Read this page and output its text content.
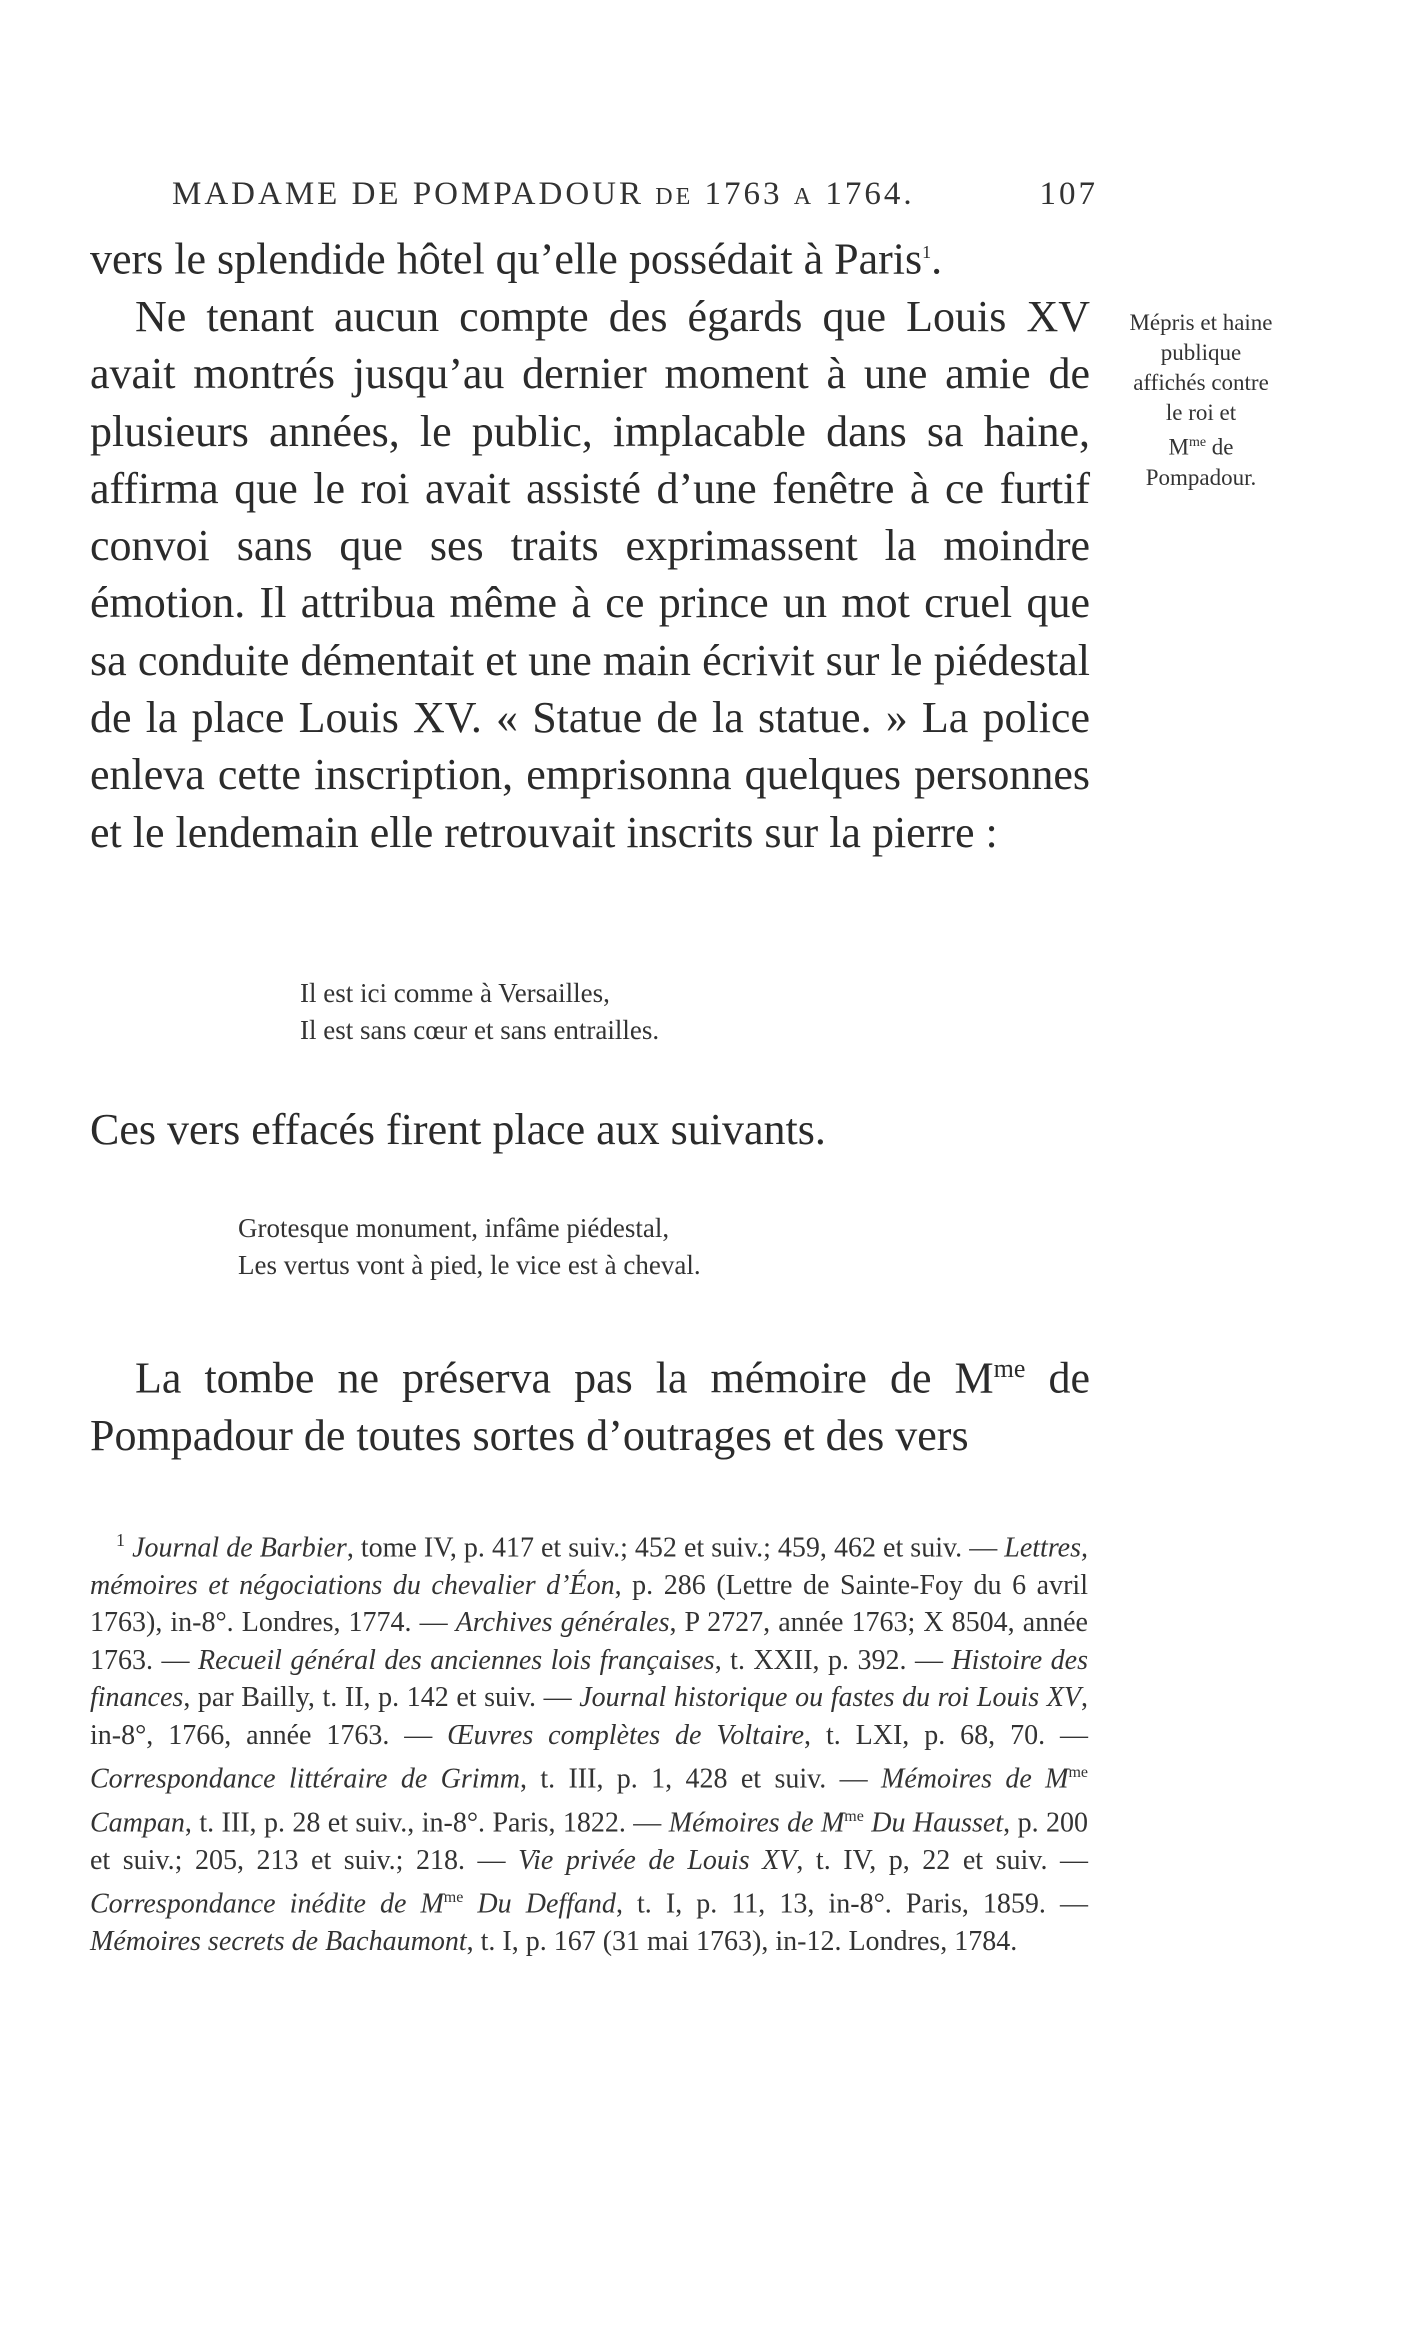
MADAME DE POMPADOUR DE 1763 A 1764.	107

vers le splendide hôtel qu’elle possédait à Paris$^1$.

Ne tenant aucun compte des égards que Louis XV avait montrés jusqu’au dernier moment à une amie de plusieurs années, le public, implacable dans sa haine, affirma que le roi avait assisté d’une fenêtre à ce furtif convoi sans que ses traits exprimassent la moindre émotion. Il attribua même à ce prince un mot cruel que sa conduite démentait et une main écrivit sur le piédestal de la place Louis XV. « Statue de la statue. » La police enleva cette inscription, emprisonna quelques personnes et le lendemain elle retrouvait inscrits sur la pierre :

Mépris et haine
publique
affichés contre
le roi et
$M^{me}$ de
Pompadour.
Il est ici comme à Versailles,
Il est sans cœur et sans entrailles.
Ces vers effacés firent place aux suivants.
Grotesque monument, infâme piédestal,
Les vertus vont à pied, le vice est à cheval.

La tombe ne préserva pas la mémoire de $M^{me}$ de Pompadour de toutes sortes d’outrages et des vers

$^1$ Journal de Barbier, tome IV, p. 417 et suiv.; 452 et suiv.; 459, 462 et suiv. — Lettres, mémoires et négociations du chevalier d’Éon, p. 286 (Lettre de Sainte-Foy du 6 avril 1763), in-8°. Londres, 1774. — Archives générales, P 2727, année 1763; X 8504, année 1763. — Recueil général des anciennes lois françaises, t. XXII, p. 392. — Histoire des finances, par Bailly, t. II, p. 142 et suiv. — Journal historique ou fastes du roi Louis XV, in-8°, 1766, année 1763. — Œuvres complètes de Voltaire, t. LXI, p. 68, 70. — Correspondance littéraire de Grimm, t. III, p. 1, 428 et suiv. — Mémoires de $M^{me}$ Campan, t. III, p. 28 et suiv., in-8°. Paris, 1822. — Mémoires de $M^{me}$ Du Hausset, p. 200 et suiv.; 205, 213 et suiv.; 218. — Vie privée de Louis XV, t. IV, p, 22 et suiv. — Correspondance inédite de $M^{me}$ Du Deffand, t. I, p. 11, 13, in-8°. Paris, 1859. — Mémoires secrets de Bachaumont, t. I, p. 167 (31 mai 1763), in-12. Londres, 1784.
